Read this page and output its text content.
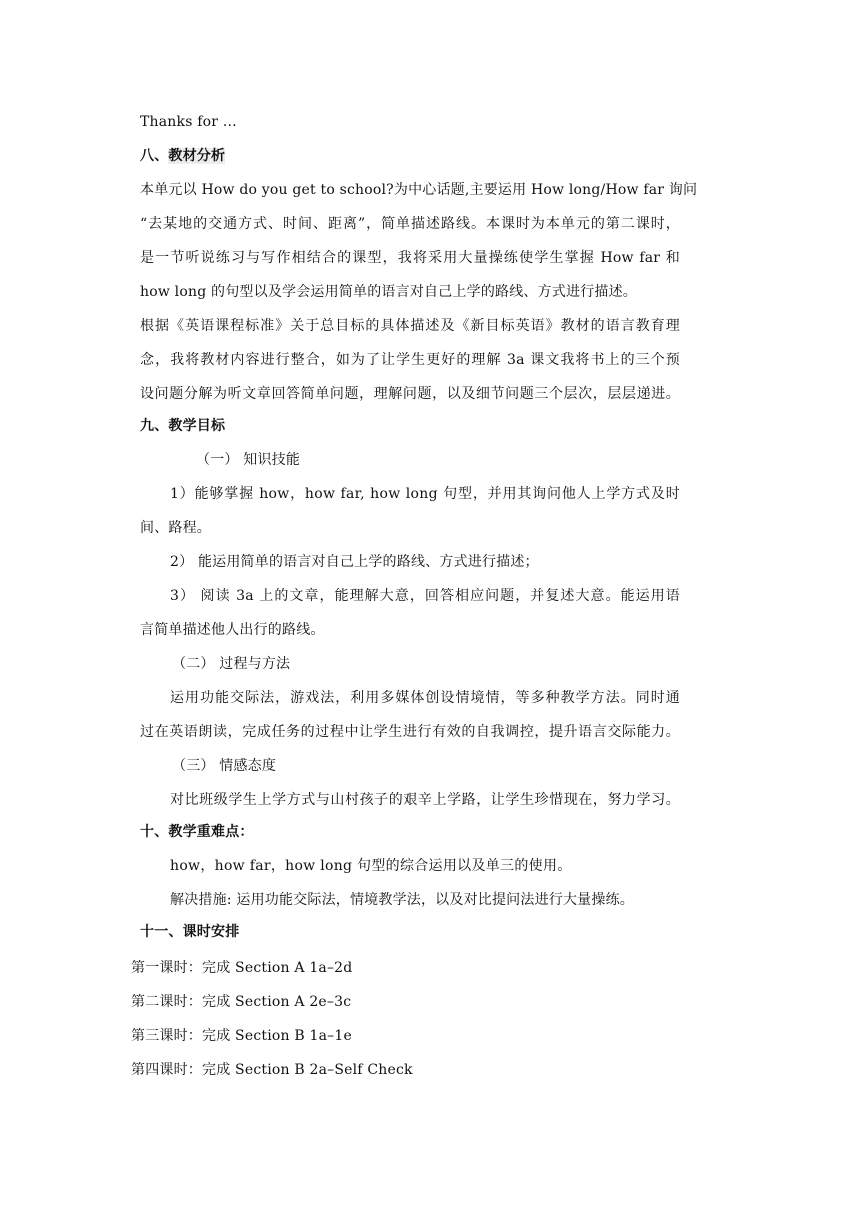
Thanks for …
八、教材分析
本单元以 How do you get to school?为中心话题,主要运用 How long/How far 询问
“去某地的交通方式、时间、距离”，简单描述路线。本课时为本单元的第二课时，
是一节听说练习与写作相结合的课型，我将采用大量操练使学生掌握 How far 和
how long 的句型以及学会运用简单的语言对自己上学的路线、方式进行描述。
根据《英语课程标准》关于总目标的具体描述及《新目标英语》教材的语言教育理
念，我将教材内容进行整合，如为了让学生更好的理解 3a 课文我将书上的三个预
设问题分解为听文章回答简单问题，理解问题，以及细节问题三个层次，层层递进。
九、教学目标
（一） 知识技能
1）能够掌握 how，how far, how long 句型，并用其询问他人上学方式及时
间、路程。
2） 能运用简单的语言对自己上学的路线、方式进行描述；
3） 阅读 3a 上的文章，能理解大意，回答相应问题，并复述大意。能运用语
言简单描述他人出行的路线。
（二） 过程与方法
运用功能交际法，游戏法，利用多媒体创设情境情，等多种教学方法。同时通
过在英语朗读，完成任务的过程中让学生进行有效的自我调控，提升语言交际能力。
（三） 情感态度
对比班级学生上学方式与山村孩子的艰辛上学路，让学生珍惜现在，努力学习。
十、教学重难点：
how，how far，how long 句型的综合运用以及单三的使用。
解决措施: 运用功能交际法，情境教学法，以及对比提问法进行大量操练。
十一、课时安排
第一课时：完成 Section A 1a–2d
第二课时：完成 Section A 2e–3c
第三课时：完成 Section B 1a–1e
第四课时：完成 Section B 2a–Self Check
